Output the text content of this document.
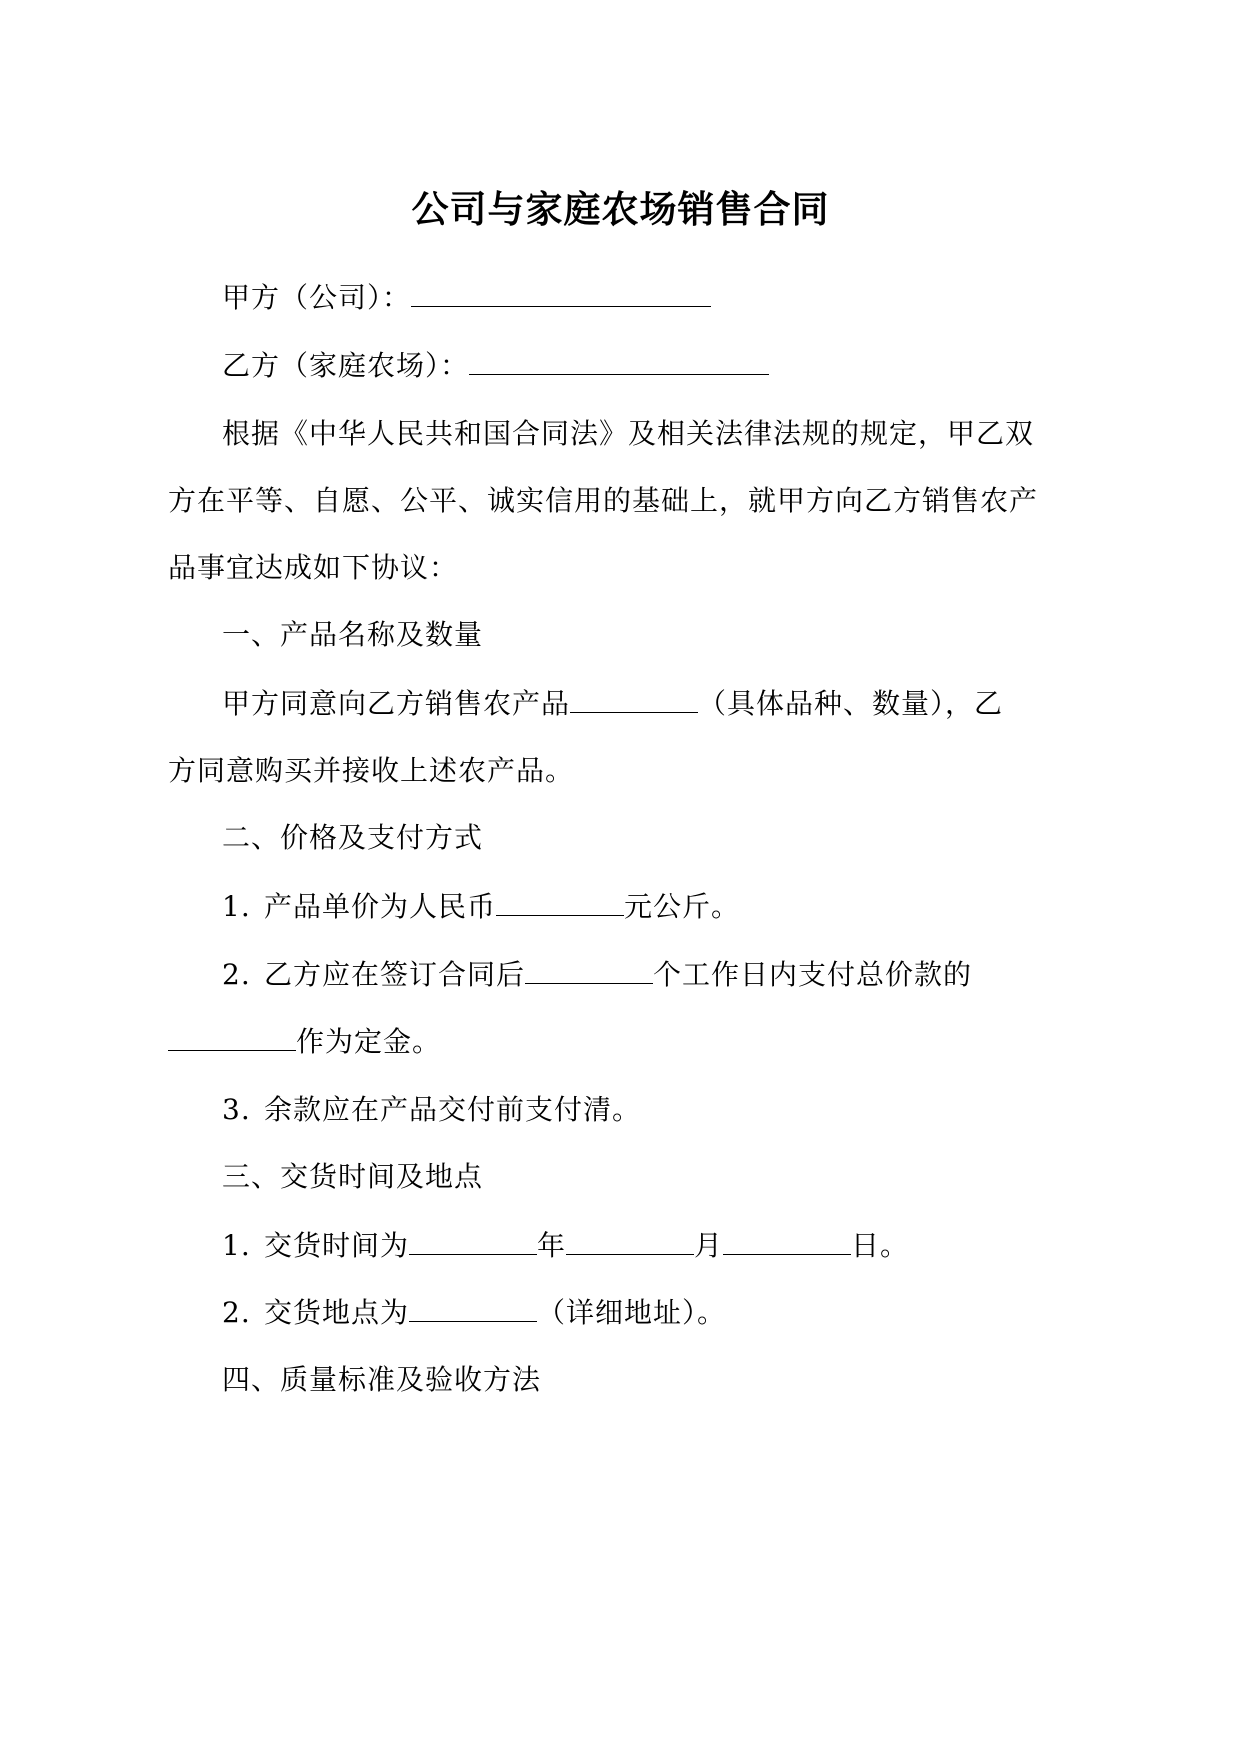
公司与家庭农场销售合同
甲方（公司）：
乙方（家庭农场）：
根据《中华人民共和国合同法》及相关法律法规的规定，甲乙双
方在平等、自愿、公平、诚实信用的基础上，就甲方向乙方销售农产
品事宜达成如下协议：
一、产品名称及数量
甲方同意向乙方销售农产品	（具体品种、数量），乙
方同意购买并接收上述农产品。
二、价格及支付方式
1. 产品单价为人民币	元公斤。
2. 乙方应在签订合同后	个工作日内支付总价款的
作为定金。
3. 余款应在产品交付前支付清。
三、交货时间及地点
1. 交货时间为	年	月	日。
2. 交货地点为	（详细地址）。
四、质量标准及验收方法
